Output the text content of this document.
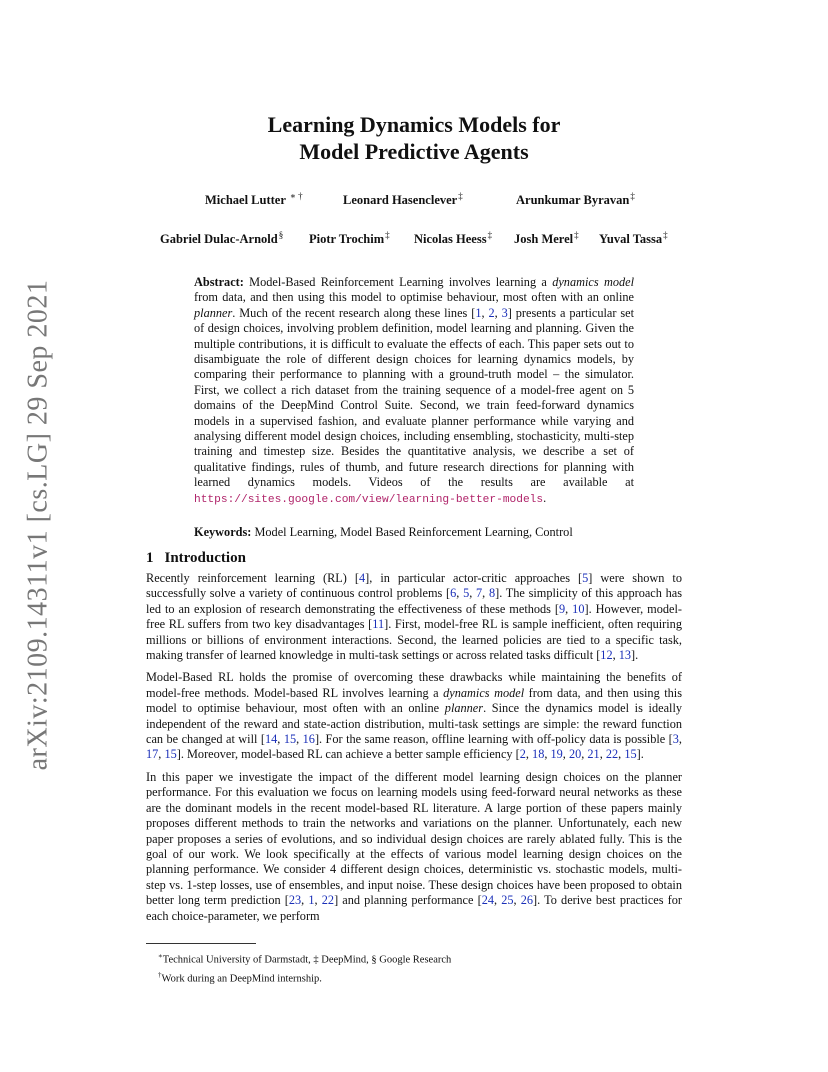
arXiv:2109.14311v1 [cs.LG] 29 Sep 2021
Learning Dynamics Models for
Model Predictive Agents
Michael Lutter ∗ †	Leonard Hasenclever‡	Arunkumar Byravan‡
Gabriel Dulac-Arnold§ Piotr Trochim‡ Nicolas Heess‡ Josh Merel‡ Yuval Tassa‡
Abstract: Model-Based Reinforcement Learning involves learning a dynamics model from data, and then using this model to optimise behaviour, most often with an online planner. Much of the recent research along these lines [1, 2, 3] presents a particular set of design choices, involving problem definition, model learning and planning. Given the multiple contributions, it is difficult to evaluate the effects of each. This paper sets out to disambiguate the role of different design choices for learning dynamics models, by comparing their performance to planning with a ground-truth model – the simulator. First, we collect a rich dataset from the training sequence of a model-free agent on 5 domains of the DeepMind Control Suite. Second, we train feed-forward dynamics models in a supervised fashion, and evaluate planner performance while varying and analysing different model design choices, including ensembling, stochasticity, multi-step training and timestep size. Besides the quantitative analysis, we describe a set of qualitative findings, rules of thumb, and future research directions for planning with learned dynamics models. Videos of the results are available at https://sites.google.com/view/learning-better-models.
Keywords: Model Learning, Model Based Reinforcement Learning, Control
1 Introduction

Recently reinforcement learning (RL) [4], in particular actor-critic approaches [5] were shown to successfully solve a variety of continuous control problems [6, 5, 7, 8]. The simplicity of this approach has led to an explosion of research demonstrating the effectiveness of these methods [9, 10]. However, model-free RL suffers from two key disadvantages [11]. First, model-free RL is sample inefficient, often requiring millions or billions of environment interactions. Second, the learned policies are tied to a specific task, making transfer of learned knowledge in multi-task settings or across related tasks difficult [12, 13].

Model-Based RL holds the promise of overcoming these drawbacks while maintaining the benefits of model-free methods. Model-based RL involves learning a dynamics model from data, and then using this model to optimise behaviour, most often with an online planner. Since the dynamics model is ideally independent of the reward and state-action distribution, multi-task settings are simple: the reward function can be changed at will [14, 15, 16]. For the same reason, offline learning with off-policy data is possible [3, 17, 15]. Moreover, model-based RL can achieve a better sample efficiency [2, 18, 19, 20, 21, 22, 15].

In this paper we investigate the impact of the different model learning design choices on the planner performance. For this evaluation we focus on learning models using feed-forward neural networks as these are the dominant models in the recent model-based RL literature. A large portion of these papers mainly proposes different methods to train the networks and variations on the planner. Unfortunately, each new paper proposes a series of evolutions, and so individual design choices are rarely ablated fully. This is the goal of our work. We look specifically at the effects of various model learning design choices on the planning performance. We consider 4 different design choices, deterministic vs. stochastic models, multi-step vs. 1-step losses, use of ensembles, and input noise. These design choices have been proposed to obtain better long term prediction [23, 1, 22] and planning performance [24, 25, 26]. To derive best practices for each choice-parameter, we perform

∗Technical University of Darmstadt, ‡ DeepMind, § Google Research
†Work during an DeepMind internship.
